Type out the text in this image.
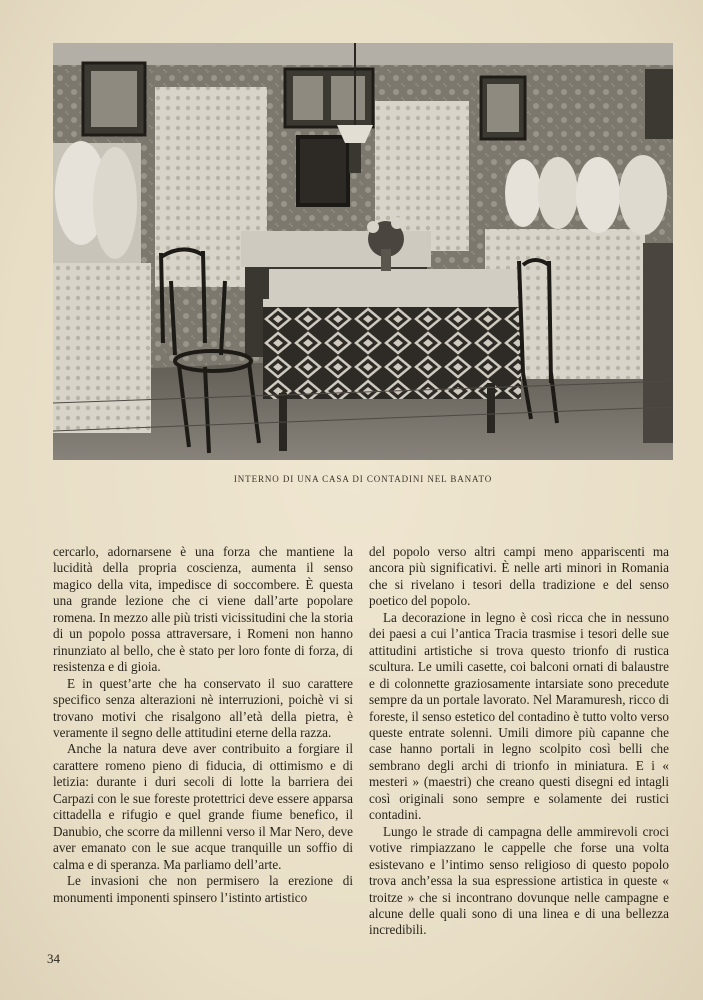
INTERNO DI UNA CASA DI CONTADINI NEL BANATO

cercarlo, adornarsene è una forza che mantiene la lucidità della propria coscienza, aumenta il senso magico della vita, impedisce di soccombere. È questa una grande lezione che ci viene dall’arte popolare romena. In mezzo alle più tristi vicissitudini che la storia di un popolo possa attraversare, i Romeni non hanno rinunziato al bello, che è stato per loro fonte di forza, di resistenza e di gioia.

E in quest’arte che ha conservato il suo carattere specifico senza alterazioni nè interruzioni, poichè vi si trovano motivi che risalgono all’età della pietra, è veramente il segno delle attitudini eterne della razza.

Anche la natura deve aver contribuito a forgiare il carattere romeno pieno di fiducia, di ottimismo e di letizia: durante i duri secoli di lotte la barriera dei Carpazi con le sue foreste protettrici deve essere apparsa cittadella e rifugio e quel grande fiume benefico, il Danubio, che scorre da millenni verso il Mar Nero, deve aver emanato con le sue acque tranquille un soffio di calma e di speranza. Ma parliamo dell’arte.

Le invasioni che non permisero la erezione di monumenti imponenti spinsero l’istinto artistico

del popolo verso altri campi meno appariscenti ma ancora più significativi. È nelle arti minori in Romania che si rivelano i tesori della tradizione e del senso poetico del popolo.

La decorazione in legno è così ricca che in nessuno dei paesi a cui l’antica Tracia trasmise i tesori delle sue attitudini artistiche si trova questo trionfo di rustica scultura. Le umili casette, coi balconi ornati di balaustre e di colonnette graziosamente intarsiate sono precedute sempre da un portale lavorato. Nel Maramuresh, ricco di foreste, il senso estetico del contadino è tutto volto verso queste entrate solenni. Umili dimore più capanne che case hanno portali in legno scolpito così belli che sembrano degli archi di trionfo in miniatura. E i « mesteri » (maestri) che creano questi disegni ed intagli così originali sono sempre e solamente dei rustici contadini.

Lungo le strade di campagna delle ammirevoli croci votive rimpiazzano le cappelle che forse una volta esistevano e l’intimo senso religioso di questo popolo trova anch’essa la sua espressione artistica in queste « troitze » che si incontrano dovunque nelle campagne e alcune delle quali sono di una linea e di una bellezza incredibili.

34
